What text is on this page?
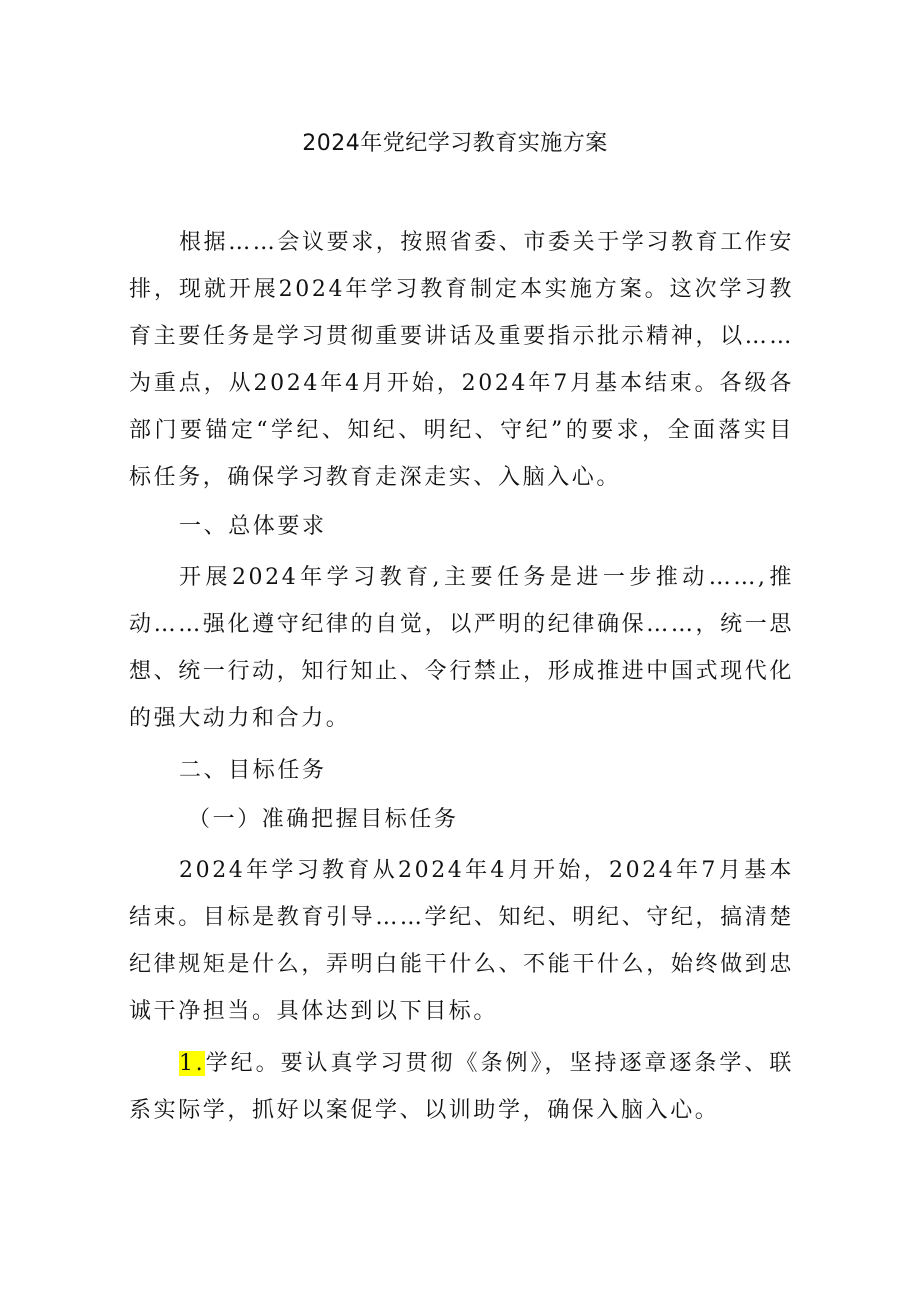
2024年党纪学习教育实施方案

根据……会议要求，按照省委、市委关于学习教育工作安排，现就开展2024年学习教育制定本实施方案。这次学习教育主要任务是学习贯彻重要讲话及重要指示批示精神，以……为重点，从2024年4月开始，2024年7月基本结束。各级各部门要锚定“学纪、知纪、明纪、守纪”的要求，全面落实目标任务，确保学习教育走深走实、入脑入心。

一、总体要求

开展2024年学习教育,主要任务是进一步推动……,推动……强化遵守纪律的自觉，以严明的纪律确保……，统一思想、统一行动，知行知止、令行禁止，形成推进中国式现代化的强大动力和合力。

二、目标任务

（一）准确把握目标任务

2024年学习教育从2024年4月开始，2024年7月基本结束。目标是教育引导……学纪、知纪、明纪、守纪，搞清楚纪律规矩是什么，弄明白能干什么、不能干什么，始终做到忠诚干净担当。具体达到以下目标。

1.学纪。要认真学习贯彻《条例》，坚持逐章逐条学、联系实际学，抓好以案促学、以训助学，确保入脑入心。
